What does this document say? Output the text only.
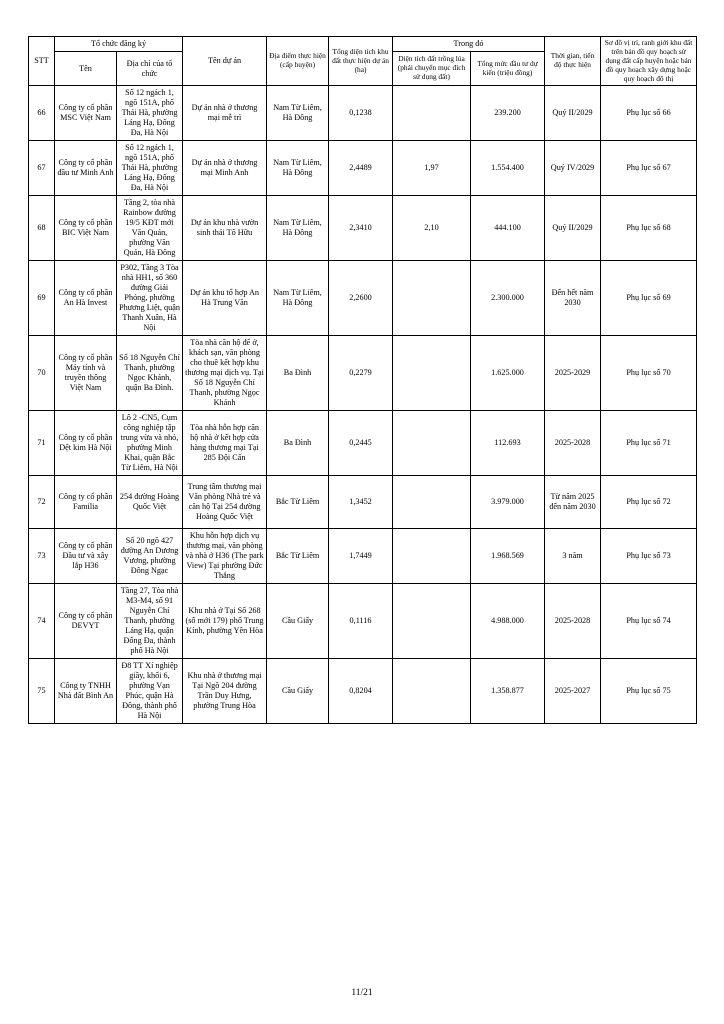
STT	Tổ chức đăng ký		Tên dự án	Địa điểm thực hiện (cấp huyện)	Tổng diện tích khu đất thực hiện dự án (ha)	Trong đó		Thời gian, tiến độ thực hiện	Sơ đồ vị trí, ranh giới khu đất trên bản đồ quy hoạch sử dụng đất cấp huyện hoặc bản đồ quy hoạch xây dựng hoặc quy hoạch đô thị
	Tên	Địa chỉ của tổ chức				Diện tích đất trồng lúa (phải chuyển mục đích sử dụng đất)	Tổng mức đầu tư dự kiến (triệu đồng)		

66	Công ty cổ phần MSC Việt Nam	Số 12 ngách 1, ngõ 151A, phố Thái Hà, phường Láng Hạ, Đống Đa, Hà Nội	Dự án nhà ở thương mại mễ trì	Nam Từ Liêm, Hà Đông	0,1238		239.200	Quý II/2029	Phụ lục số 66
67	Công ty cổ phần đầu tư Minh Anh	Số 12 ngách 1, ngõ 151A, phố Thái Hà, phường Láng Hạ, Đống Đa, Hà Nội	Dự án nhà ở thương mại Minh Anh	Nam Từ Liêm, Hà Đông	2,4489	1,97	1.554.400	Quý IV/2029	Phụ lục số 67
68	Công ty cổ phần BIC Việt Nam	Tầng 2, tòa nhà Rainbow đường 19/5 KĐT mới Văn Quán, phường Văn Quán, Hà Đông	Dự án khu nhà vườn sinh thái Tố Hữu	Nam Từ Liêm, Hà Đông	2,3410	2,10	444.100	Quý II/2029	Phụ lục số 68
69	Công ty cổ phần An Hà Invest	P302, Tầng 3 Tòa nhà HH1, số 360 đường Giải Phóng, phường Phương Liệt, quận Thanh Xuân, Hà Nội	Dự án khu tổ hợp An Hà Trung Văn	Nam Từ Liêm, Hà Đông	2,2600		2.300.000	Đến hết năm 2030	Phụ lục số 69
70	Công ty cổ phần Máy tính và truyền thông Việt Nam	Số 18 Nguyễn Chí Thanh, phường Ngọc Khánh, quận Ba Đình.	Tòa nhà căn hộ để ở, khách sạn, văn phòng cho thuê kết hợp khu thương mại dịch vụ. Tại Số 18 Nguyễn Chí Thanh, phường Ngọc Khánh	Ba Đình	0,2279		1.625.000	2025-2029	Phụ lục số 70
71	Công ty cổ phần Dệt kim Hà Nội	Lô 2 -CN5, Cụm công nghiệp tập trung vừa và nhỏ, phường Minh Khai, quận Bắc Từ Liêm, Hà Nội	Tòa nhà hỗn hợp căn hộ nhà ở kết hợp cửa hàng thương mại Tại 285 Đội Cấn	Ba Đình	0,2445		112.693	2025-2028	Phụ lục số 71
72	Công ty cổ phần Familia	254 đường Hoàng Quốc Việt	Trung tâm thương mại Văn phòng Nhà trẻ và căn hộ Tại 254 đường Hoàng Quốc Việt	Bắc Từ Liêm	1,3452		3.979.000	Từ năm 2025 đến năm 2030	Phụ lục số 72
73	Công ty cổ phần Đầu tư và xây lắp H36	Số 20 ngõ 427 đường An Dương Vương, phường Đông Ngạc	Khu hỗn hợp dịch vụ thương mại, văn phòng và nhà ở H36 (The park View) Tại phường Đức Thắng	Bắc Từ Liêm	1,7449		1.968.569	3 năm	Phụ lục số 73
74	Công ty cổ phần DEVYT	Tầng 27, Tòa nhà M3-M4, số 91 Nguyễn Chí Thanh, phường Láng Hạ, quận Đống Đa, thành phố Hà Nội	Khu nhà ở Tại Số 268 (số mới 179) phố Trung Kính, phường Yên Hòa	Cầu Giấy	0,1116		4.988.000	2025-2028	Phụ lục số 74
75	Công ty TNHH Nhà đất Bình An	Đ8 TT Xí nghiệp giầy, khối 6, phường Vạn Phúc, quận Hà Đông, thành phố Hà Nội	Khu nhà ở thương mại Tại Ngõ 204 đường Trần Duy Hưng, phường Trung Hòa	Cầu Giấy	0,8204		1.358.877	2025-2027	Phụ lục số 75
11/21
